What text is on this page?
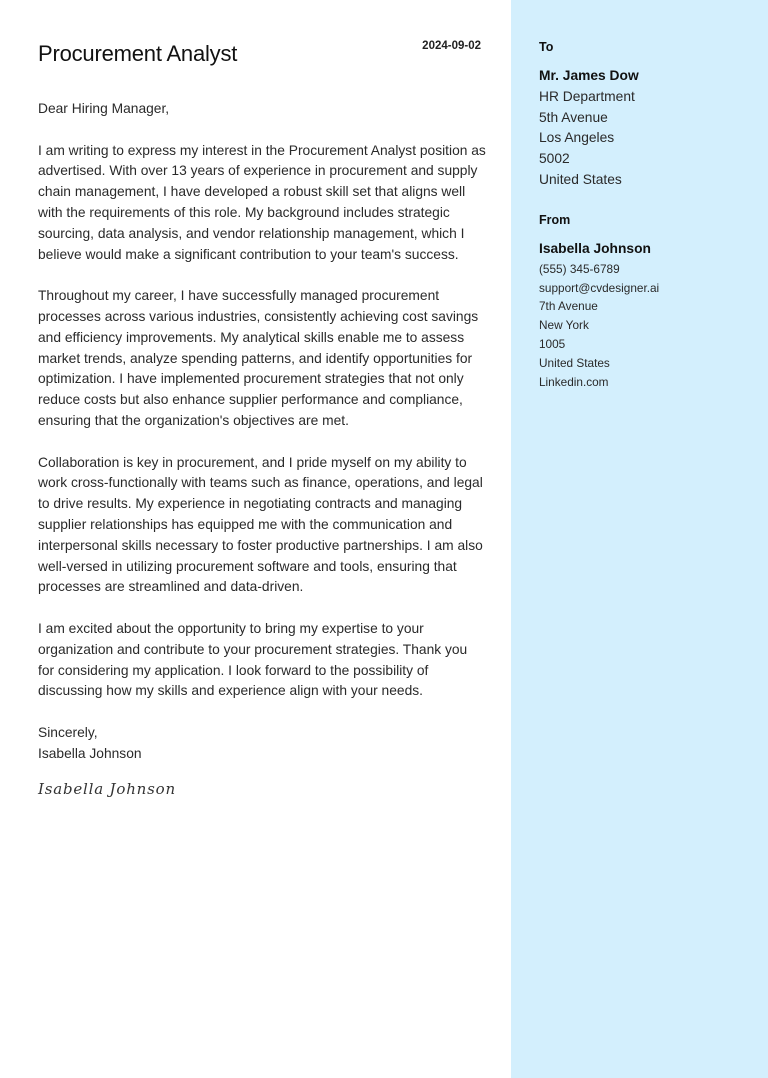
Procurement Analyst	2024-09-02

Dear Hiring Manager,

I am writing to express my interest in the Procurement Analyst position as advertised. With over 13 years of experience in procurement and supply chain management, I have developed a robust skill set that aligns well with the requirements of this role. My background includes strategic sourcing, data analysis, and vendor relationship management, which I believe would make a significant contribution to your team's success.

Throughout my career, I have successfully managed procurement processes across various industries, consistently achieving cost savings and efficiency improvements. My analytical skills enable me to assess market trends, analyze spending patterns, and identify opportunities for optimization. I have implemented procurement strategies that not only reduce costs but also enhance supplier performance and compliance, ensuring that the organization's objectives are met.

Collaboration is key in procurement, and I pride myself on my ability to work cross-functionally with teams such as finance, operations, and legal to drive results. My experience in negotiating contracts and managing supplier relationships has equipped me with the communication and interpersonal skills necessary to foster productive partnerships. I am also well-versed in utilizing procurement software and tools, ensuring that processes are streamlined and data-driven.

I am excited about the opportunity to bring my expertise to your organization and contribute to your procurement strategies. Thank you for considering my application. I look forward to the possibility of discussing how my skills and experience align with your needs.

Sincerely,

Isabella Johnson

Isabella Johnson
To
Mr. James Dow
HR Department
5th Avenue
Los Angeles
5002
United States
From
Isabella Johnson
(555) 345-6789
support@cvdesigner.ai
7th Avenue
New York
1005
United States
Linkedin.com
